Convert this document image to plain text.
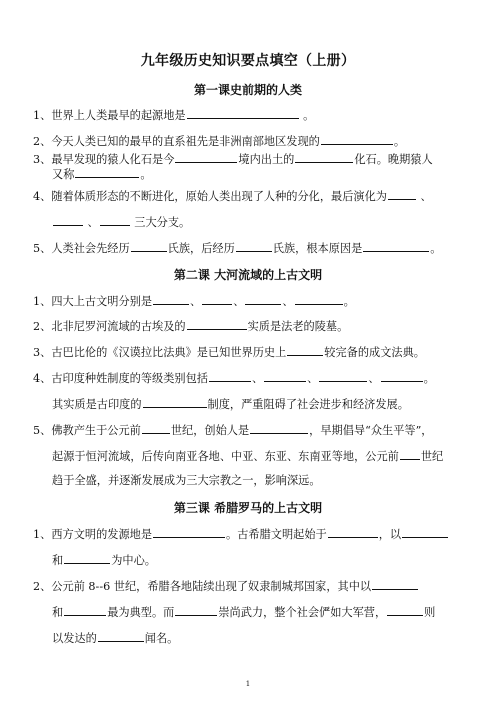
九年级历史知识要点填空（上册）
第一课史前期的人类
1、世界上人类最早的起源地是	。
2、今天人类已知的最早的直系祖先是非洲南部地区发现的	。
3、最早发现的猿人化石是今	境内出土的	化石。晚期猿人
又称	。
4、随着体质形态的不断进化，原始人类出现了人种的分化，最后演化为	、
、	三大分支。
5、人类社会先经历	氏族，后经历	氏族，根本原因是	。
第二课 大河流域的上古文明
1、四大上古文明分别是	、	、	、	。
2、北非尼罗河流域的古埃及的	实质是法老的陵墓。
3、古巴比伦的《汉谟拉比法典》是已知世界历史上	较完备的成文法典。
4、古印度种姓制度的等级类别包括	、	、	、	。
其实质是古印度的	制度，严重阻碍了社会进步和经济发展。
5、佛教产生于公元前	世纪，创始人是	，早期倡导“众生平等”，
起源于恒河流域，后传向南亚各地、中亚、东亚、东南亚等地，公元前 世纪
趋于全盛，并逐渐发展成为三大宗教之一，影响深远。
第三课 希腊罗马的上古文明
1、西方文明的发源地是	。古希腊文明起始于	，以
和	为中心。
2、公元前 8--6 世纪，希腊各地陆续出现了奴隶制城邦国家，其中以
和	最为典型。而	崇尚武力，整个社会俨如大军营，	则
以发达的	闻名。
1
